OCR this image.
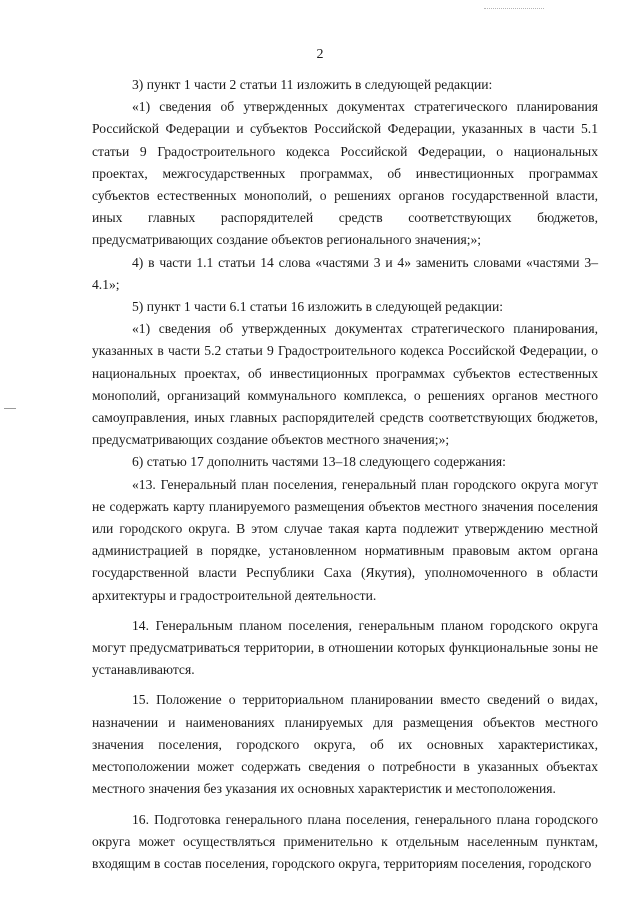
2

3) пункт 1 части 2 статьи 11 изложить в следующей редакции:

«1) сведения об утвержденных документах стратегического планирования Российской Федерации и субъектов Российской Федерации, указанных в части 5.1 статьи 9 Градостроительного кодекса Российской Федерации, о национальных проектах, межгосударственных программах, об инвестиционных программах субъектов естественных монополий, о решениях органов государственной власти, иных главных распорядителей средств соответствующих бюджетов, предусматривающих создание объектов регионального значения;»;

4) в части 1.1 статьи 14 слова «частями 3 и 4» заменить словами «частями 3–4.1»;

5) пункт 1 части 6.1 статьи 16 изложить в следующей редакции:

«1) сведения об утвержденных документах стратегического планирования, указанных в части 5.2 статьи 9 Градостроительного кодекса Российской Федерации, о национальных проектах, об инвестиционных программах субъектов естественных монополий, организаций коммунального комплекса, о решениях органов местного самоуправления, иных главных распорядителей средств соответствующих бюджетов, предусматривающих создание объектов местного значения;»;

6) статью 17 дополнить частями 13–18 следующего содержания:

«13. Генеральный план поселения, генеральный план городского округа могут не содержать карту планируемого размещения объектов местного значения поселения или городского округа. В этом случае такая карта подлежит утверждению местной администрацией в порядке, установленном нормативным правовым актом органа государственной власти Республики Саха (Якутия), уполномоченного в области архитектуры и градостроительной деятельности.

14. Генеральным планом поселения, генеральным планом городского округа могут предусматриваться территории, в отношении которых функциональные зоны не устанавливаются.

15. Положение о территориальном планировании вместо сведений о видах, назначении и наименованиях планируемых для размещения объектов местного значения поселения, городского округа, об их основных характеристиках, местоположении может содержать сведения о потребности в указанных объектах местного значения без указания их основных характеристик и местоположения.

16. Подготовка генерального плана поселения, генерального плана городского округа может осуществляться применительно к отдельным населенным пунктам, входящим в состав поселения, городского округа, территориям поселения, городского
